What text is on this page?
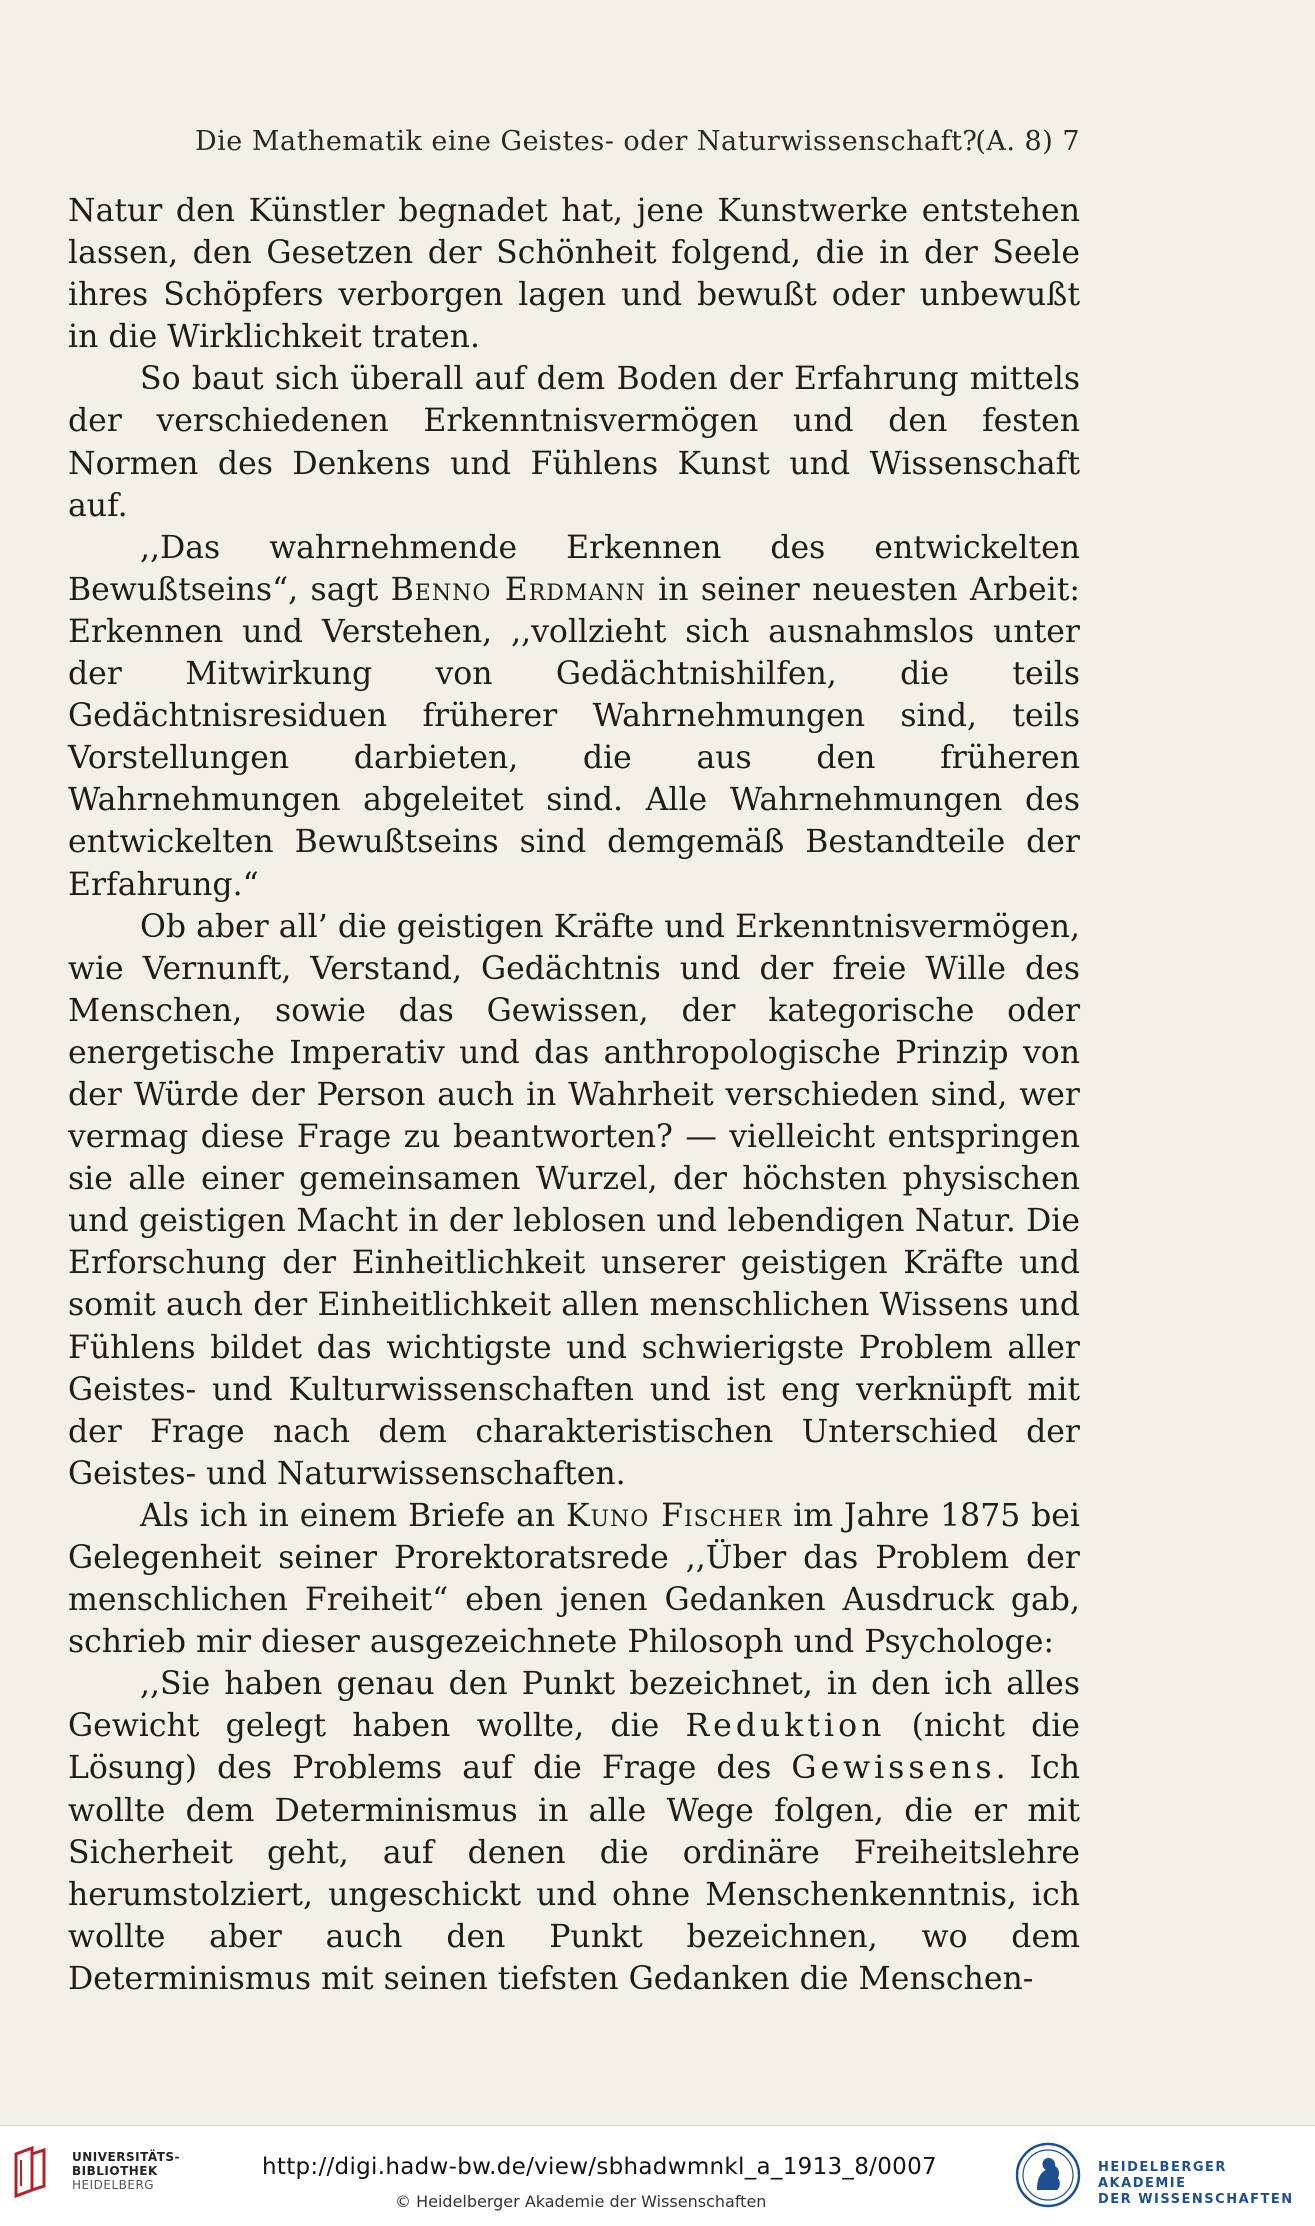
Die Mathematik eine Geistes- oder Naturwissenschaft?
(A. 8) 7

Natur den Künstler begnadet hat, jene Kunstwerke entstehen lassen, den Gesetzen der Schönheit folgend, die in der Seele ihres Schöpfers verborgen lagen und bewußt oder unbewußt in die Wirklichkeit traten.

So baut sich überall auf dem Boden der Erfahrung mittels der verschiedenen Erkenntnisvermögen und den festen Normen des Denkens und Fühlens Kunst und Wissenschaft auf.

,,Das wahrnehmende Erkennen des entwickelten Bewußtseins“, sagt Benno Erdmann in seiner neuesten Arbeit: Erkennen und Verstehen, ,,vollzieht sich ausnahmslos unter der Mitwirkung von Gedächtnishilfen, die teils Gedächtnisresiduen früherer Wahrnehmungen sind, teils Vorstellungen darbieten, die aus den früheren Wahrnehmungen abgeleitet sind. Alle Wahrnehmungen des entwickelten Bewußtseins sind demgemäß Bestandteile der Erfahrung.“

Ob aber all’ die geistigen Kräfte und Erkenntnisvermögen, wie Vernunft, Verstand, Gedächtnis und der freie Wille des Menschen, sowie das Gewissen, der kategorische oder energetische Imperativ und das anthropologische Prinzip von der Würde der Person auch in Wahrheit verschieden sind, wer vermag diese Frage zu beantworten? — vielleicht entspringen sie alle einer gemeinsamen Wurzel, der höchsten physischen und geistigen Macht in der leblosen und lebendigen Natur. Die Erforschung der Einheitlichkeit unserer geistigen Kräfte und somit auch der Einheitlichkeit allen menschlichen Wissens und Fühlens bildet das wichtigste und schwierigste Problem aller Geistes- und Kulturwissenschaften und ist eng verknüpft mit der Frage nach dem charakteristischen Unterschied der Geistes- und Naturwissenschaften.

Als ich in einem Briefe an Kuno Fischer im Jahre 1875 bei Gelegenheit seiner Prorektoratsrede ,,Über das Problem der menschlichen Freiheit“ eben jenen Gedanken Ausdruck gab, schrieb mir dieser ausgezeichnete Philosoph und Psychologe:

,,Sie haben genau den Punkt bezeichnet, in den ich alles Gewicht gelegt haben wollte, die Reduktion (nicht die Lösung) des Problems auf die Frage des Gewissens. Ich wollte dem Determinismus in alle Wege folgen, die er mit Sicherheit geht, auf denen die ordinäre Freiheitslehre herumstolziert, ungeschickt und ohne Menschenkenntnis, ich wollte aber auch den Punkt bezeichnen, wo dem Determinismus mit seinen tiefsten Gedanken die Menschen-

UNIVERSITÄTS-
BIBLIOTHEK
HEIDELBERG
http://digi.hadw-bw.de/view/sbhadwmnkl_a_1913_8/0007
© Heidelberger Akademie der Wissenschaften
HEIDELBERGER AKADEMIE
DER WISSENSCHAFTEN
